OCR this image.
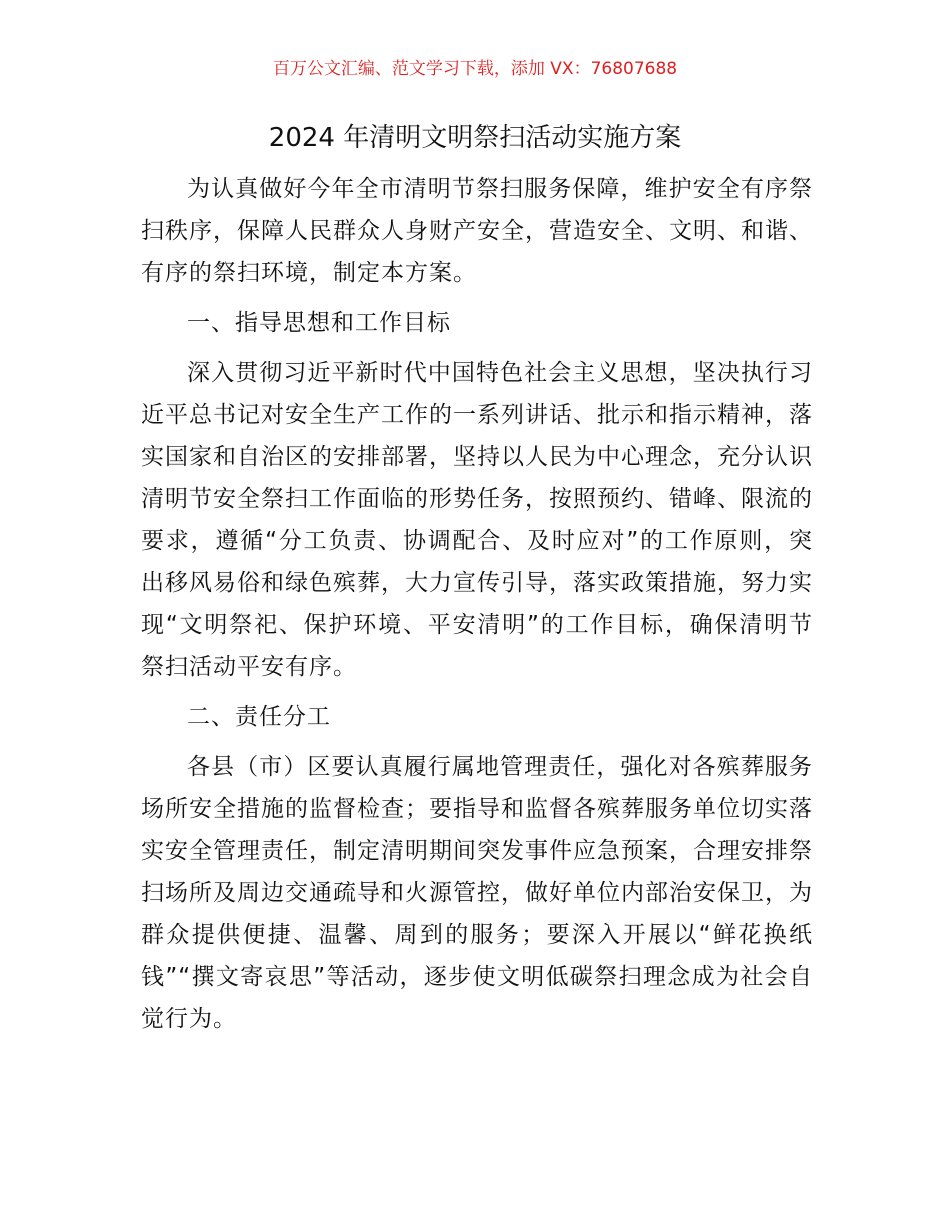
百万公文汇编、范文学习下载，添加 VX：76807688
2024 年清明文明祭扫活动实施方案

为认真做好今年全市清明节祭扫服务保障，维护安全有序祭扫秩序，保障人民群众人身财产安全，营造安全、文明、和谐、有序的祭扫环境，制定本方案。

一、指导思想和工作目标

深入贯彻习近平新时代中国特色社会主义思想，坚决执行习近平总书记对安全生产工作的一系列讲话、批示和指示精神，落实国家和自治区的安排部署，坚持以人民为中心理念，充分认识清明节安全祭扫工作面临的形势任务，按照预约、错峰、限流的要求，遵循“分工负责、协调配合、及时应对”的工作原则，突出移风易俗和绿色殡葬，大力宣传引导，落实政策措施，努力实现“文明祭祀、保护环境、平安清明”的工作目标，确保清明节祭扫活动平安有序。

二、责任分工

各县（市）区要认真履行属地管理责任，强化对各殡葬服务场所安全措施的监督检查；要指导和监督各殡葬服务单位切实落实安全管理责任，制定清明期间突发事件应急预案，合理安排祭扫场所及周边交通疏导和火源管控，做好单位内部治安保卫，为群众提供便捷、温馨、周到的服务；要深入开展以“鲜花换纸钱”“撰文寄哀思”等活动，逐步使文明低碳祭扫理念成为社会自觉行为。
